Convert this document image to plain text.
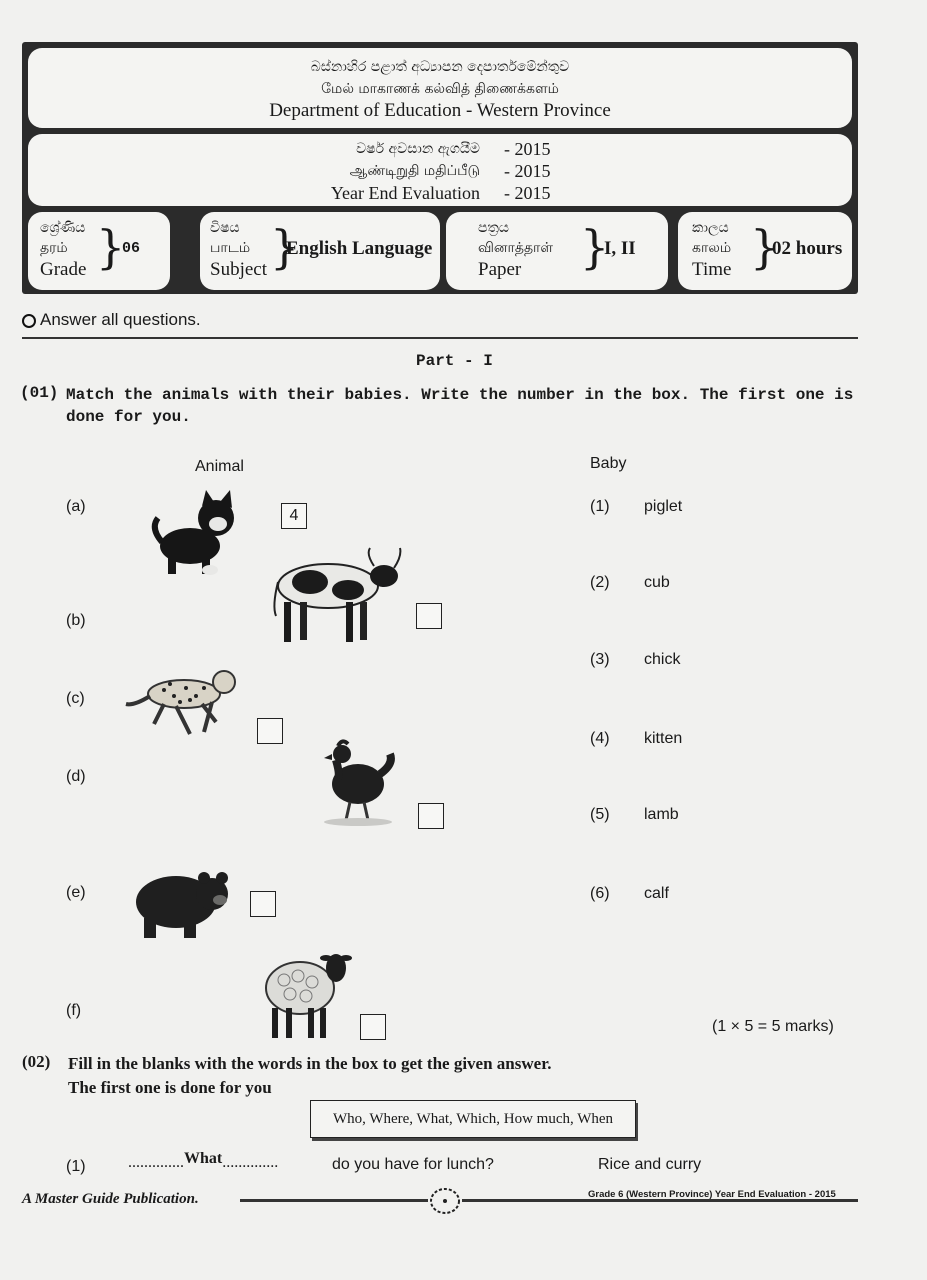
බස්නාහිර පළාත් අධ්‍යාපන දෙපාර්තමේන්තුව
மேல் மாகாணக் கல்வித் திணைக்களம்
Department of Education - Western Province
වර්ෂ අවසාන ඇගයීම
ஆண்டிறுதி மதிப்பீடு
Year End Evaluation
- 2015
- 2015
- 2015
ශ්‍රේණිය
தரம்
Grade }
06
විෂය
பாடம்
Subject }
English Language
පත්‍රය
வினாத்தாள்
Paper	}
I, II
කාලය
காலம்
Time }
02 hours
Answer all questions.
Part - I
(01) Match the animals with their babies. Write the number in the box. The first one is
done for you.
Animal	Baby
(a)
(b)
(c)
(d)
(e)
(f)
4
(1) piglet
(2) cub
(3) chick
(4) kitten
(5) lamb
(6) calf
(1 × 5 = 5 marks)
(02) Fill in the blanks with the words in the box to get the given answer.
The first one is done for you
Who, Where, What, Which, How much, When
(1)	..............What..............	do you have for lunch?	Rice and curry
A Master Guide Publication.	Grade 6 (Western Province) Year End Evaluation - 2015
